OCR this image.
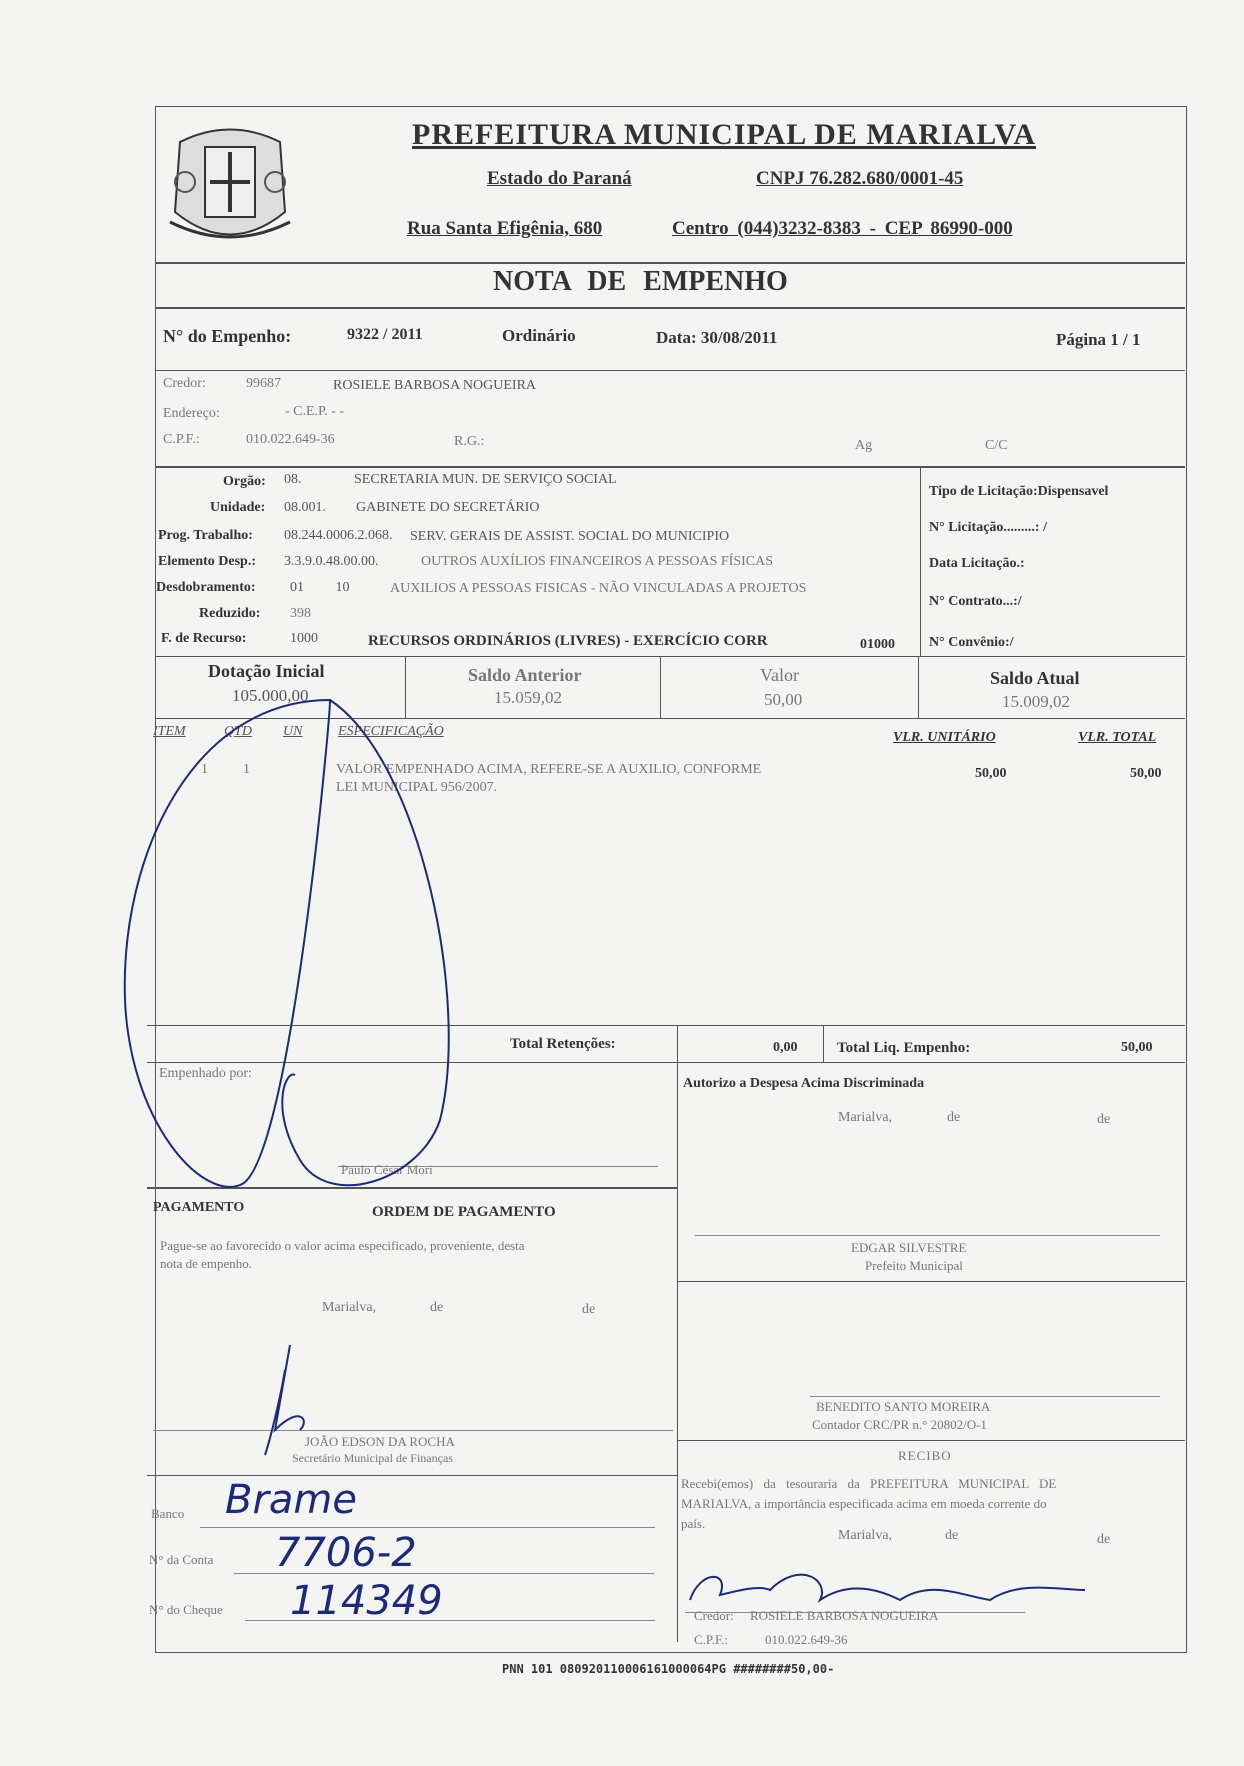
PREFEITURA MUNICIPAL DE MARIALVA
Estado do Paraná	CNPJ 76.282.680/0001-45
Rua Santa Efigênia, 680	Centro (044)3232-8383 - CEP 86990-000
NOTA DE EMPENHO
N° do Empenho:	9322 / 2011	Ordinário	Data: 30/08/2011	Página 1 / 1
Credor:	99687	ROSIELE BARBOSA NOGUEIRA
Endereço:	- C.E.P. - -
C.P.F.:	010.022.649-36	R.G.:	Ag	C/C
Orgão: 08.	SECRETARIA MUN. DE SERVIÇO SOCIAL
Unidade: 08.001. GABINETE DO SECRETÁRIO
Prog. Trabalho: 08.244.0006.2.068. SERV. GERAIS DE ASSIST. SOCIAL DO MUNICIPIO
Elemento Desp.: 3.3.9.0.48.00.00.	OUTROS AUXÍLIOS FINANCEIROS A PESSOAS FÍSICAS
Desdobramento: 01 10	AUXILIOS A PESSOAS FISICAS - NÃO VINCULADAS A PROJETOS
Reduzido: 398
F. de Recurso:	1000	RECURSOS ORDINÁRIOS (LIVRES) - EXERCÍCIO CORR	01000
Tipo de Licitação:Dispensavel
N° Licitação.........: /
Data Licitação.:
N° Contrato...:/
N° Convênio:/
Dotação Inicial
105.000,00
Saldo Anterior
15.059,02
Valor
50,00
Saldo Atual
15.009,02
ITEM	QTD UN	ESPECIFICAÇÃO	VLR. UNITÁRIO	VLR. TOTAL
1	1	VALOR EMPENHADO ACIMA, REFERE-SE A AUXILIO, CONFORME
LEI MUNICIPAL 956/2007.
50,00	50,00
Total Retenções:	0,00	Total Liq. Empenho:	50,00
Empenhado por:
Paulo César Mori
Autorizo a Despesa Acima Discriminada
Marialva,	de	de
EDGAR SILVESTRE
Prefeito Municipal
PAGAMENTO	ORDEM DE PAGAMENTO
Pague-se ao favorecido o valor acima especificado, proveniente, desta
nota de empenho.
Marialva,	de	de
BENEDITO SANTO MOREIRA
Contador CRC/PR n.° 20802/O-1
JOÃO EDSON DA ROCHA
Secretário Municipal de Finanças	RECIBO
Recebi(emos) da tesouraria da PREFEITURA MUNICIPAL DE
MARIALVA, a importância especificada acima em moeda corrente do
país.
Marialva,	de	de
Credor: ROSIELE BARBOSA NOGUEIRA
C.P.F.:	010.022.649-36
Banco Brame
N° da Conta 7706-2
N° do Cheque 114349
PNN 101 080920110006161000064PG ########50,00-
